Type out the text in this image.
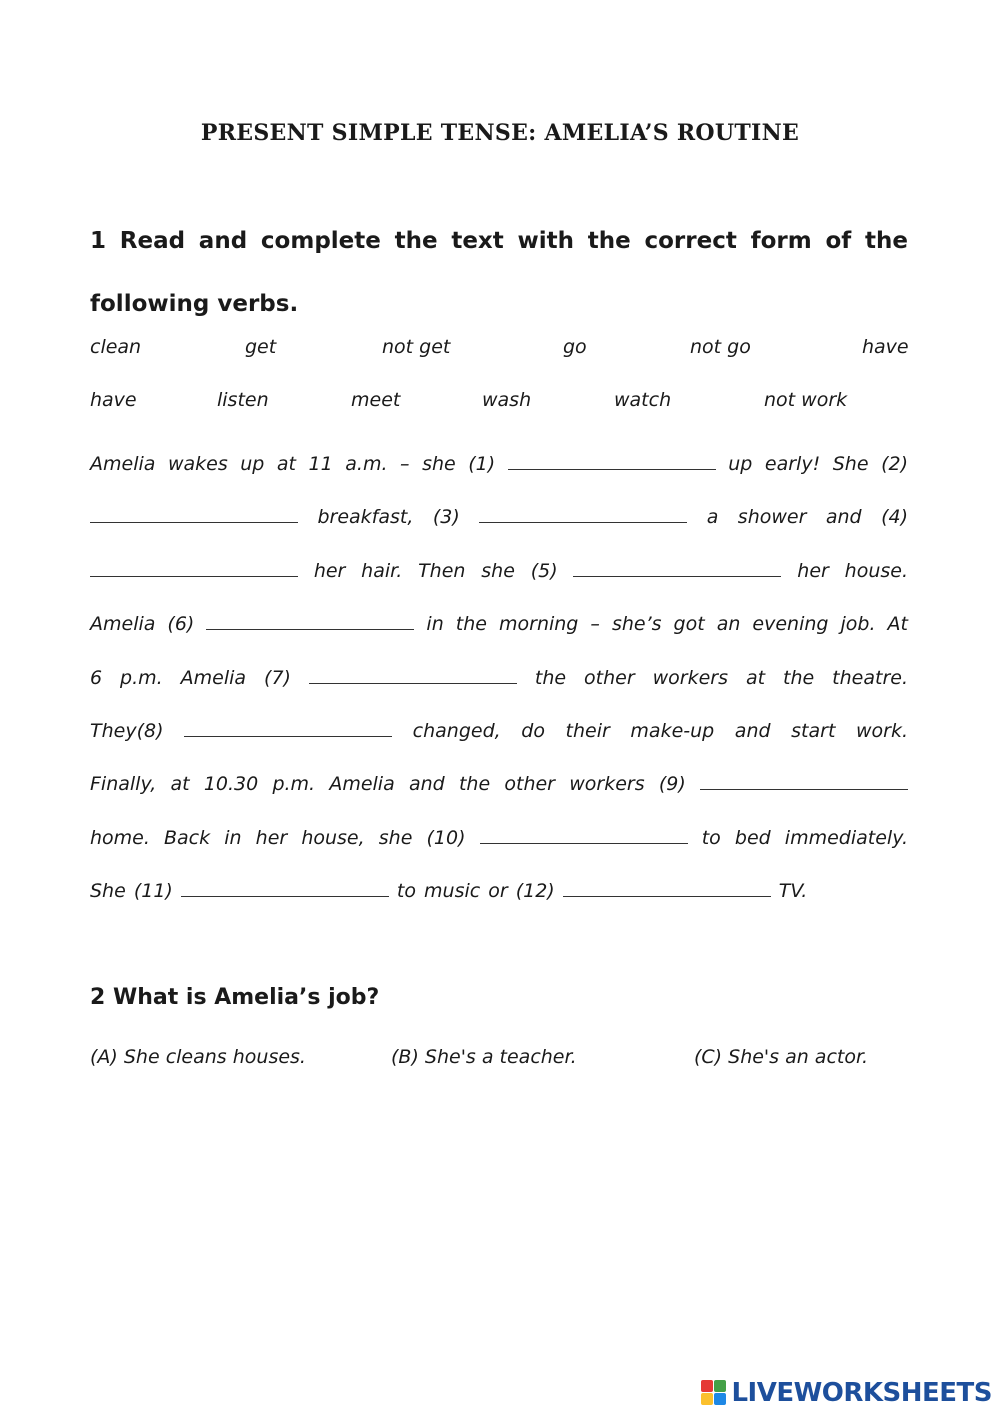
PRESENT SIMPLE TENSE: AMELIA’S ROUTINE
1 Read and complete the text with the correct form of the following verbs.
clean	get	not get	go	not go	have
have	listen	meet	wash	watch	not work
Amelia wakes up at 11 a.m. – she (1)	up early! She (2)
breakfast, (3)	a shower and (4)
her hair. Then she (5)	her house.
Amelia (6)	in the morning – she’s got an evening job. At
6 p.m. Amelia (7)	the other workers at the theatre.
They(8)	changed, do their make-up and start work.
Finally, at 10.30 p.m. Amelia and the other workers (9)
home. Back in her house, she (10)	to bed immediately.
She (11)	to music or (12)	TV.
2 What is Amelia’s job?
(A) She cleans houses.	(B) She's a teacher.	(C) She's an actor.
LIVEWORKSHEETS
